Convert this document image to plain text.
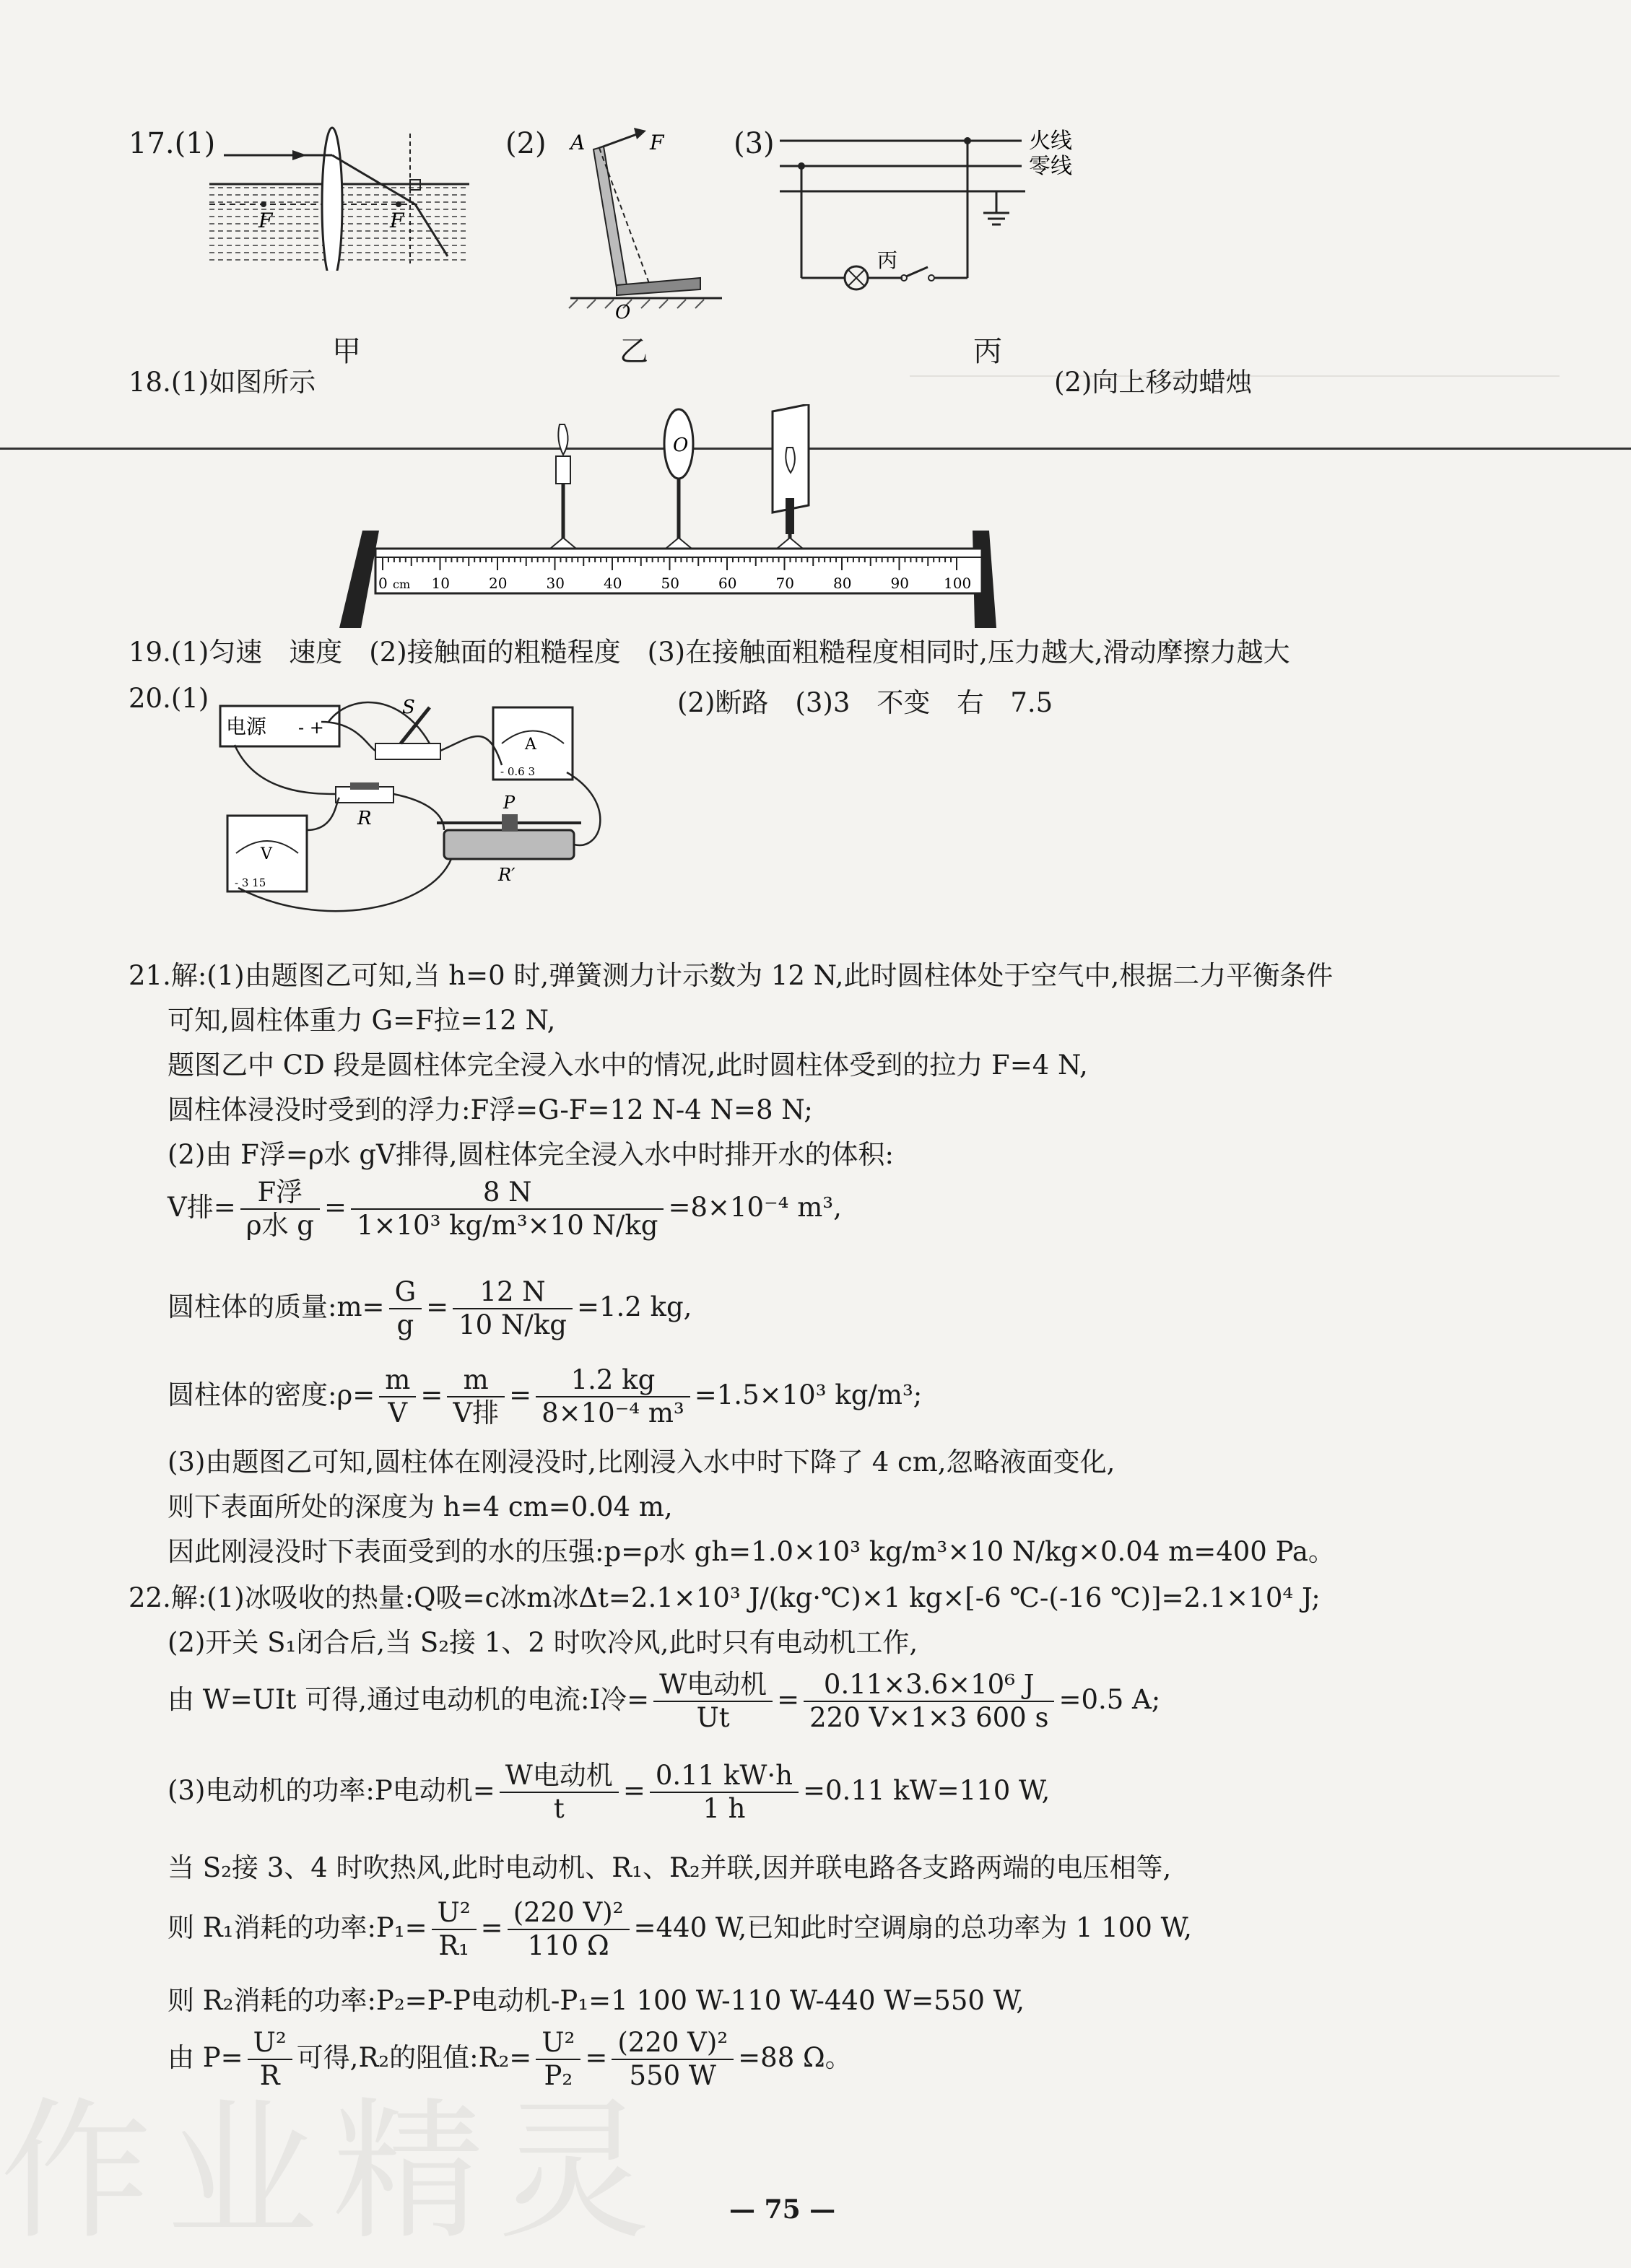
17.(1)
F	F
甲
(2) A	F
O
乙
(3)	火线
零线
丙
丙
18.(1)如图所示	(2)向上移动蜡烛
O
0 cm 10	20	30	40	50	60	70	80	90 100
19.(1)匀速　速度　(2)接触面的粗糙程度　(3)在接触面粗糙程度相同时,压力越大,滑动摩擦力越大
20.(1)	(2)断路　(3)3　不变　右　7.5
电源 - +
S
A
- 0.6 3
R
V
- 3 15
P
R′
21.解:(1)由题图乙可知,当 h=0 时,弹簧测力计示数为 12 N,此时圆柱体处于空气中,根据二力平衡条件
可知,圆柱体重力 G=F拉=12 N,
题图乙中 CD 段是圆柱体完全浸入水中的情况,此时圆柱体受到的拉力 F=4 N,
圆柱体浸没时受到的浮力:F浮=G-F=12 N-4 N=8 N;
(2)由 F浮=ρ水 gV排得,圆柱体完全浸入水中时排开水的体积:
V排= $\frac{\text{F浮}}{\text{ρ水 g}} = \frac{8 N}{\text{1×10³ kg/m³×10 N/kg}} =8\times 10^{-4}$ m³,
圆柱体的质量:m= $\frac{G}{g} = \frac{12 N}{10 N/kg} =1.2$ kg,
圆柱体的密度:ρ= $\frac{m}{V} = \frac{m}{\text{V排}} = \frac{1.2 kg}{\text{8×10⁻⁴ m³}} =1.5\times 10^3$ kg/m³;
(3)由题图乙可知,圆柱体在刚浸没时,比刚浸入水中时下降了 4 cm,忽略液面变化,
则下表面所处的深度为 h=4 cm=0.04 m,
因此刚浸没时下表面受到的水的压强:p=ρ水 gh=1.0×10³ kg/m³×10 N/kg×0.04 m=400 Pa。
22.解:(1)冰吸收的热量:Q吸=c冰m冰Δt=2.1×10³ J/(kg·℃)×1 kg×[-6 ℃-(-16 ℃)]=2.1×10⁴ J;
(2)开关 S₁闭合后,当 S₂接 1、2 时吹冷风,此时只有电动机工作,
由 W=UIt 可得,通过电动机的电流:I冷= $\frac{\text{W电动机}}{Ut} = \frac{\text{0.11×3.6×10⁶ J}}{220 V\times 1\times 3 600 s} =0.5$ A;
(3)电动机的功率:P电动机= $\frac{\text{W电动机}}{t} = \frac{0.11 kW\cdot h}{1 h} =0.11$ kW=110 W,
当 S₂接 3、4 时吹热风,此时电动机、R₁、R₂并联,因并联电路各支路两端的电压相等,
则 R₁消耗的功率:P₁= $\frac{\text{U²}}{\text{R₁}} = \frac{\text{(220 V)²}}{110 \Omega} =440$ W,已知此时空调扇的总功率为 1 100 W,
则 R₂消耗的功率:P₂=P-P电动机-P₁=1 100 W-110 W-440 W=550 W,
由 $P= \frac{\text{U²}}{R}$ 可得,R₂的阻值:R₂= $\frac{\text{U²}}{\text{P₂}} = \frac{\text{(220 V)²}}{550 W} =88$ Ω。
作业精灵 — 75 —
